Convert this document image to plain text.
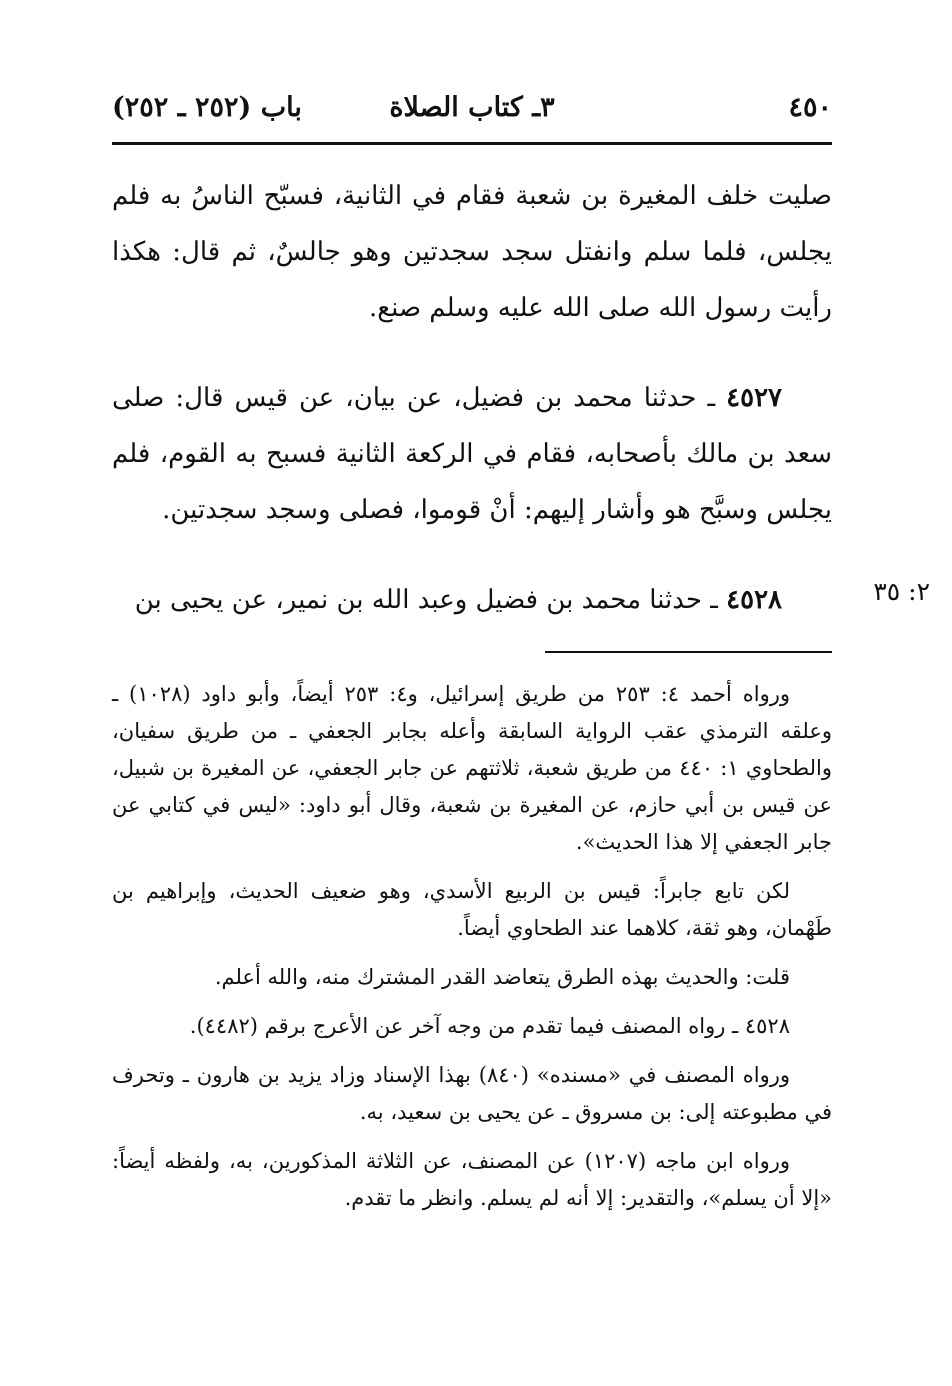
٤٥٠
٣ـ كتاب الصلاة
باب (٢٥٢ ـ ٢٥٢)

صليت خلف المغيرة بن شعبة فقام في الثانية، فسبّح الناسُ به فلم يجلس، فلما سلم وانفتل سجد سجدتين وهو جالسٌ، ثم قال: هكذا رأيت رسول الله صلى الله عليه وسلم صنع.

٤٥٢٧ ـ حدثنا محمد بن فضيل، عن بيان، عن قيس قال: صلى سعد بن مالك بأصحابه، فقام في الركعة الثانية فسبح به القوم، فلم يجلس وسبَّح هو وأشار إليهم: أنْ قوموا، فصلى وسجد سجدتين.

٤٥٢٨ ـ حدثنا محمد بن فضيل وعبد الله بن نمير، عن يحيى بن	٢: ٣٥

ورواه أحمد ٤: ٢٥٣ من طريق إسرائيل، و٤: ٢٥٣ أيضاً، وأبو داود (١٠٢٨) ـ وعلقه الترمذي عقب الرواية السابقة وأعله بجابر الجعفي ـ من طريق سفيان، والطحاوي ١: ٤٤٠ من طريق شعبة، ثلاثتهم عن جابر الجعفي، عن المغيرة بن شبيل، عن قيس بن أبي حازم، عن المغيرة بن شعبة، وقال أبو داود: «ليس في كتابي عن جابر الجعفي إلا هذا الحديث».

لكن تابع جابراً: قيس بن الربيع الأسدي، وهو ضعيف الحديث، وإبراهيم بن طَهْمان، وهو ثقة، كلاهما عند الطحاوي أيضاً.

قلت: والحديث بهذه الطرق يتعاضد القدر المشترك منه، والله أعلم.

٤٥٢٨ ـ رواه المصنف فيما تقدم من وجه آخر عن الأعرج برقم (٤٤٨٢).

ورواه المصنف في «مسنده» (٨٤٠) بهذا الإسناد وزاد يزيد بن هارون ـ وتحرف في مطبوعته إلى: بن مسروق ـ عن يحيى بن سعيد، به.

ورواه ابن ماجه (١٢٠٧) عن المصنف، عن الثلاثة المذكورين، به، ولفظه أيضاً: «إلا أن يسلم»، والتقدير: إلا أنه لم يسلم. وانظر ما تقدم.
